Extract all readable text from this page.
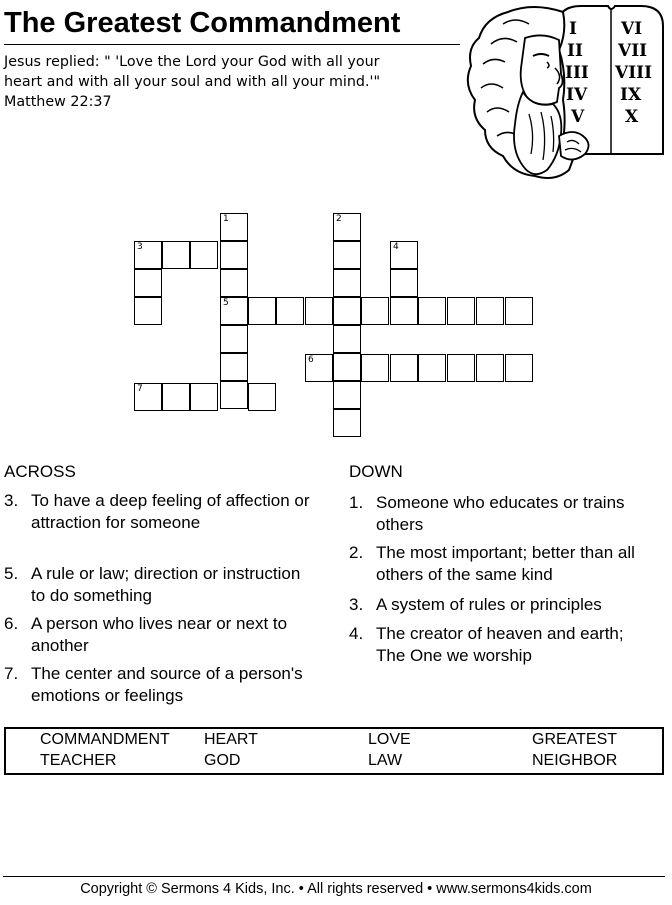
The Greatest Commandment
Jesus replied: " 'Love the Lord your God with all your
heart and with all your soul and with all your mind.'"
Matthew 22:37
I
II
III
IV
V
VI
VII
VIII
IX
X
1
5
3
2
4
6
7
ACROSS
3. To have a deep feeling of affection or attraction for someone
5. A rule or law; direction or instruction to do something
6. A person who lives near or next to another
7. The center and source of a person's emotions or feelings
DOWN
1. Someone who educates or trains others
2. The most important; better than all others of the same kind
3. A system of rules or principles
4. The creator of heaven and earth; The One we worship
COMMANDMENT HEART	LOVE	GREATEST
TEACHER	GOD	LAW	NEIGHBOR
Copyright © Sermons 4 Kids, Inc. • All rights reserved • www.sermons4kids.com
